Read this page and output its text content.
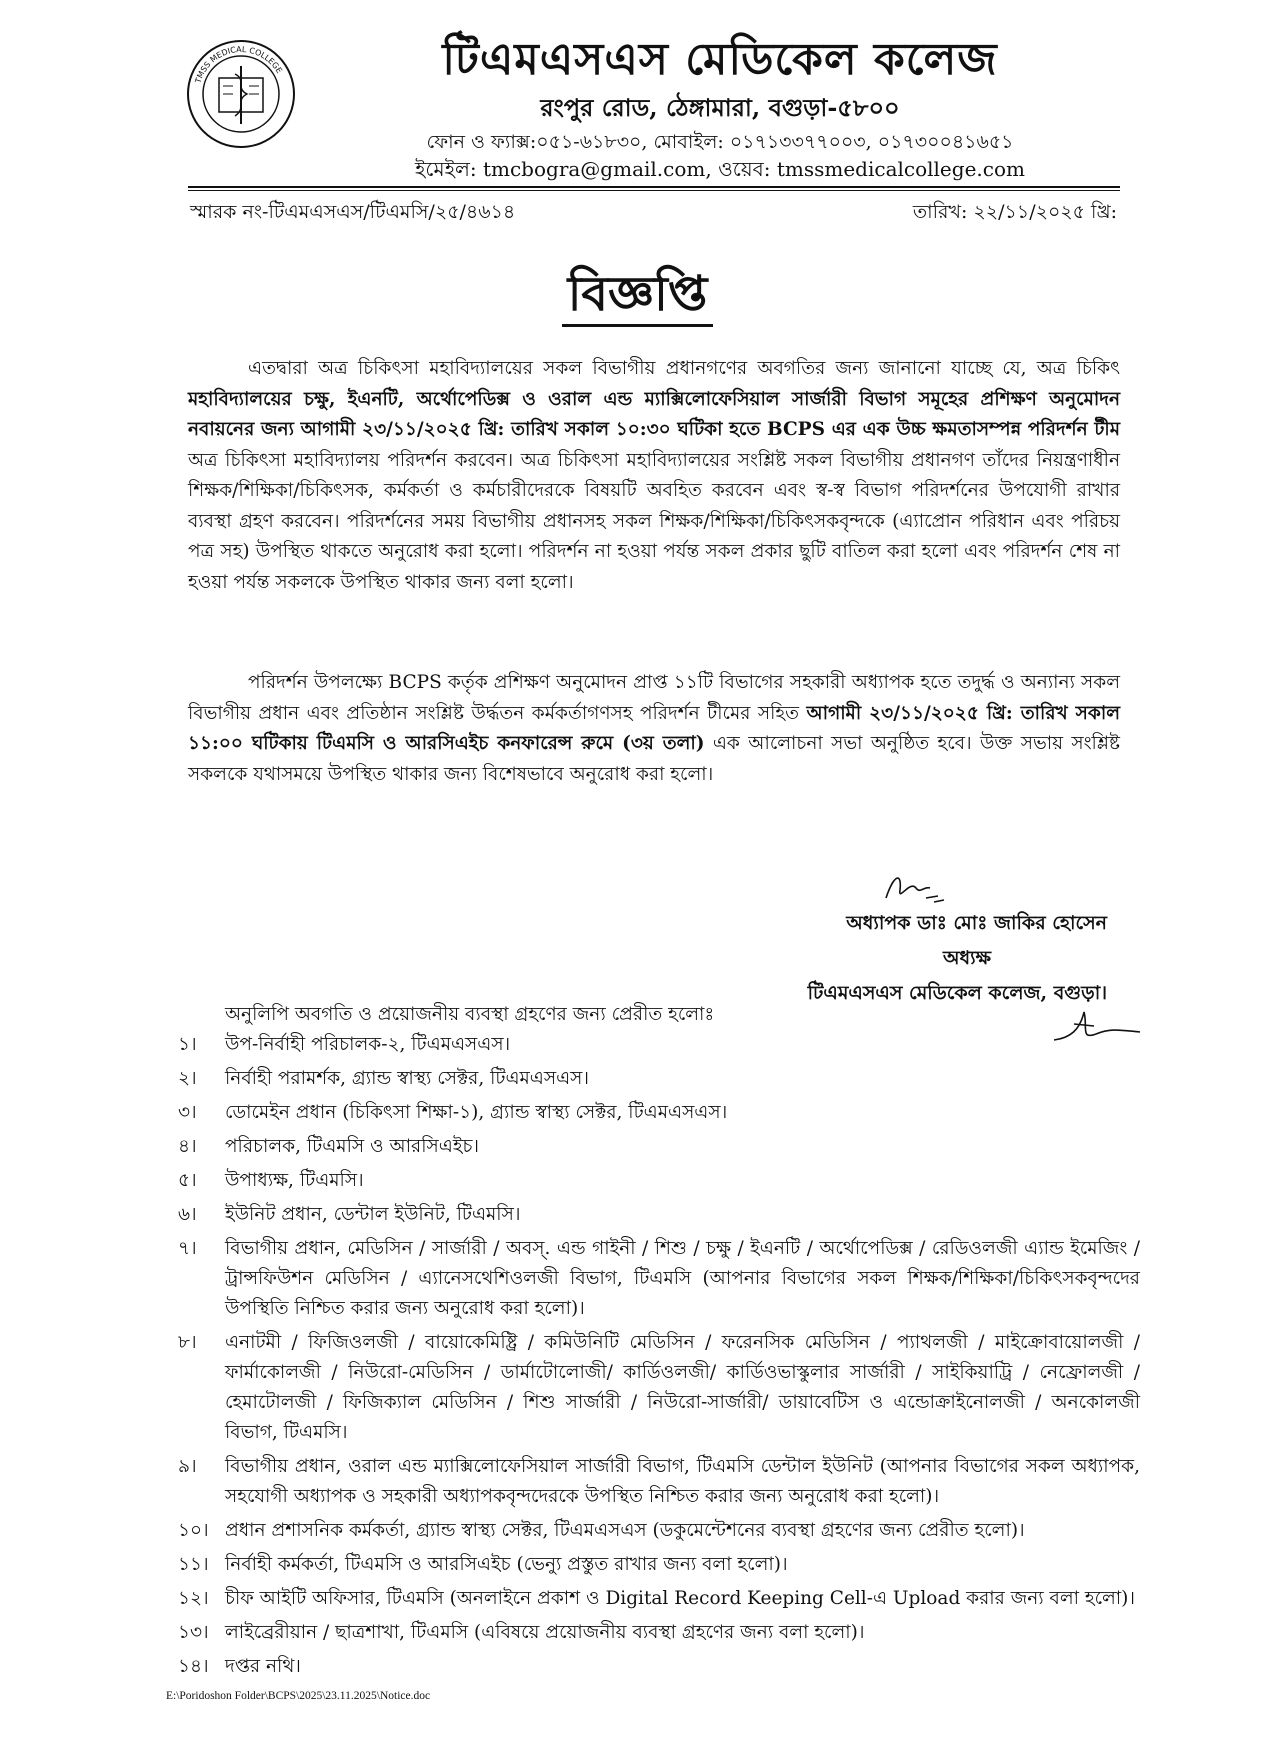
TMSS MEDICAL COLLEGE	টিএমএসএস মেডিকেল কলেজ
রংপুর রোড, ঠেঙ্গামারা, বগুড়া-৫৮০০
ফোন ও ফ্যাক্স:০৫১-৬১৮৩০, মোবাইল: ০১৭১৩৩৭৭০০৩, ০১৭৩০০৪১৬৫১
ইমেইল: tmcbogra@gmail.com, ওয়েব: tmssmedicalcollege.com
স্মারক নং-টিএমএসএস/টিএমসি/২৫/৪৬১৪	তারিখ: ২২/১১/২০২৫ খ্রি:
বিজ্ঞপ্তি
এতদ্বারা অত্র চিকিৎসা মহাবিদ্যালয়ের সকল বিভাগীয় প্রধানগণের অবগতির জন্য জানানো যাচ্ছে যে, অত্র চিকিৎ মহাবিদ্যালয়ের চক্ষু, ইএনটি, অর্থোপেডিক্স ও ওরাল এন্ড ম্যাক্সিলোফেসিয়াল সার্জারী বিভাগ সমূহের প্রশিক্ষণ অনুমোদন নবায়নের জন্য আগামী ২৩/১১/২০২৫ খ্রি: তারিখ সকাল ১০:৩০ ঘটিকা হতে BCPS এর এক উচ্চ ক্ষমতাসম্পন্ন পরিদর্শন টীম অত্র চিকিৎসা মহাবিদ্যালয় পরিদর্শন করবেন। অত্র চিকিৎসা মহাবিদ্যালয়ের সংশ্লিষ্ট সকল বিভাগীয় প্রধানগণ তাঁদের নিয়ন্ত্রণাধীন শিক্ষক/শিক্ষিকা/চিকিৎসক, কর্মকর্তা ও কর্মচারীদেরকে বিষয়টি অবহিত করবেন এবং স্ব-স্ব বিভাগ পরিদর্শনের উপযোগী রাখার ব্যবস্থা গ্রহণ করবেন। পরিদর্শনের সময় বিভাগীয় প্রধানসহ সকল শিক্ষক/শিক্ষিকা/চিকিৎসকবৃন্দকে (এ্যাপ্রোন পরিধান এবং পরিচয় পত্র সহ) উপস্থিত থাকতে অনুরোধ করা হলো। পরিদর্শন না হওয়া পর্যন্ত সকল প্রকার ছুটি বাতিল করা হলো এবং পরিদর্শন শেষ না হওয়া পর্যন্ত সকলকে উপস্থিত থাকার জন্য বলা হলো।
পরিদর্শন উপলক্ষ্যে BCPS কর্তৃক প্রশিক্ষণ অনুমোদন প্রাপ্ত ১১টি বিভাগের সহকারী অধ্যাপক হতে তদুর্দ্ধ ও অন্যান্য সকল বিভাগীয় প্রধান এবং প্রতিষ্ঠান সংশ্লিষ্ট উর্দ্ধতন কর্মকর্তাগণসহ পরিদর্শন টীমের সহিত আগামী ২৩/১১/২০২৫ খ্রি: তারিখ সকাল ১১:০০ ঘটিকায় টিএমসি ও আরসিএইচ কনফারেন্স রুমে (৩য় তলা) এক আলোচনা সভা অনুষ্ঠিত হবে। উক্ত সভায় সংশ্লিষ্ট সকলকে যথাসময়ে উপস্থিত থাকার জন্য বিশেষভাবে অনুরোধ করা হলো।
অধ্যাপক ডাঃ মোঃ জাকির হোসেন
অধ্যক্ষ
টিএমএসএস মেডিকেল কলেজ, বগুড়া।
অনুলিপি অবগতি ও প্রয়োজনীয় ব্যবস্থা গ্রহণের জন্য প্রেরীত হলোঃ
১। উপ-নির্বাহী পরিচালক-২, টিএমএসএস।
২। নির্বাহী পরামর্শক, গ্র্যান্ড স্বাস্থ্য সেক্টর, টিএমএসএস।
৩। ডোমেইন প্রধান (চিকিৎসা শিক্ষা-১), গ্র্যান্ড স্বাস্থ্য সেক্টর, টিএমএসএস।
৪। পরিচালক, টিএমসি ও আরসিএইচ।
৫। উপাধ্যক্ষ, টিএমসি।
৬। ইউনিট প্রধান, ডেন্টাল ইউনিট, টিএমসি।
৭। বিভাগীয় প্রধান, মেডিসিন / সার্জারী / অবস্. এন্ড গাইনী / শিশু / চক্ষু / ইএনটি / অর্থোপেডিক্স / রেডিওলজী এ্যান্ড ইমেজিং / ট্রান্সফিউশন মেডিসিন / এ্যানেসথেশিওলজী বিভাগ, টিএমসি (আপনার বিভাগের সকল শিক্ষক/শিক্ষিকা/চিকিৎসকবৃন্দদের উপস্থিতি নিশ্চিত করার জন্য অনুরোধ করা হলো)।
৮। এনাটমী / ফিজিওলজী / বায়োকেমিষ্ট্রি / কমিউনিটি মেডিসিন / ফরেনসিক মেডিসিন / প্যাথলজী / মাইক্রোবায়োলজী / ফার্মাকোলজী / নিউরো-মেডিসিন / ডার্মাটোলোজী/ কার্ডিওলজী/ কার্ডিওভাস্কুলার সার্জারী / সাইকিয়াট্রি / নেফ্রোলজী / হেমাটোলজী / ফিজিক্যাল মেডিসিন / শিশু সার্জারী / নিউরো-সার্জারী/ ডায়াবেটিস ও এন্ডোক্রাইনোলজী / অনকোলজী বিভাগ, টিএমসি।
৯। বিভাগীয় প্রধান, ওরাল এন্ড ম্যাক্সিলোফেসিয়াল সার্জারী বিভাগ, টিএমসি ডেন্টাল ইউনিট (আপনার বিভাগের সকল অধ্যাপক, সহযোগী অধ্যাপক ও সহকারী অধ্যাপকবৃন্দদেরকে উপস্থিত নিশ্চিত করার জন্য অনুরোধ করা হলো)।
১০। প্রধান প্রশাসনিক কর্মকর্তা, গ্র্যান্ড স্বাস্থ্য সেক্টর, টিএমএসএস (ডকুমেন্টেশনের ব্যবস্থা গ্রহণের জন্য প্রেরীত হলো)।
১১। নির্বাহী কর্মকর্তা, টিএমসি ও আরসিএইচ (ভেন্যু প্রস্তুত রাখার জন্য বলা হলো)।
১২। চীফ আইটি অফিসার, টিএমসি (অনলাইনে প্রকাশ ও Digital Record Keeping Cell-এ Upload করার জন্য বলা হলো)।
১৩। লাইব্রেরীয়ান / ছাত্রশাখা, টিএমসি (এবিষয়ে প্রয়োজনীয় ব্যবস্থা গ্রহণের জন্য বলা হলো)।
১৪। দপ্তর নথি।
E:\Poridoshon Folder\BCPS\2025\23.11.2025\Notice.doc
